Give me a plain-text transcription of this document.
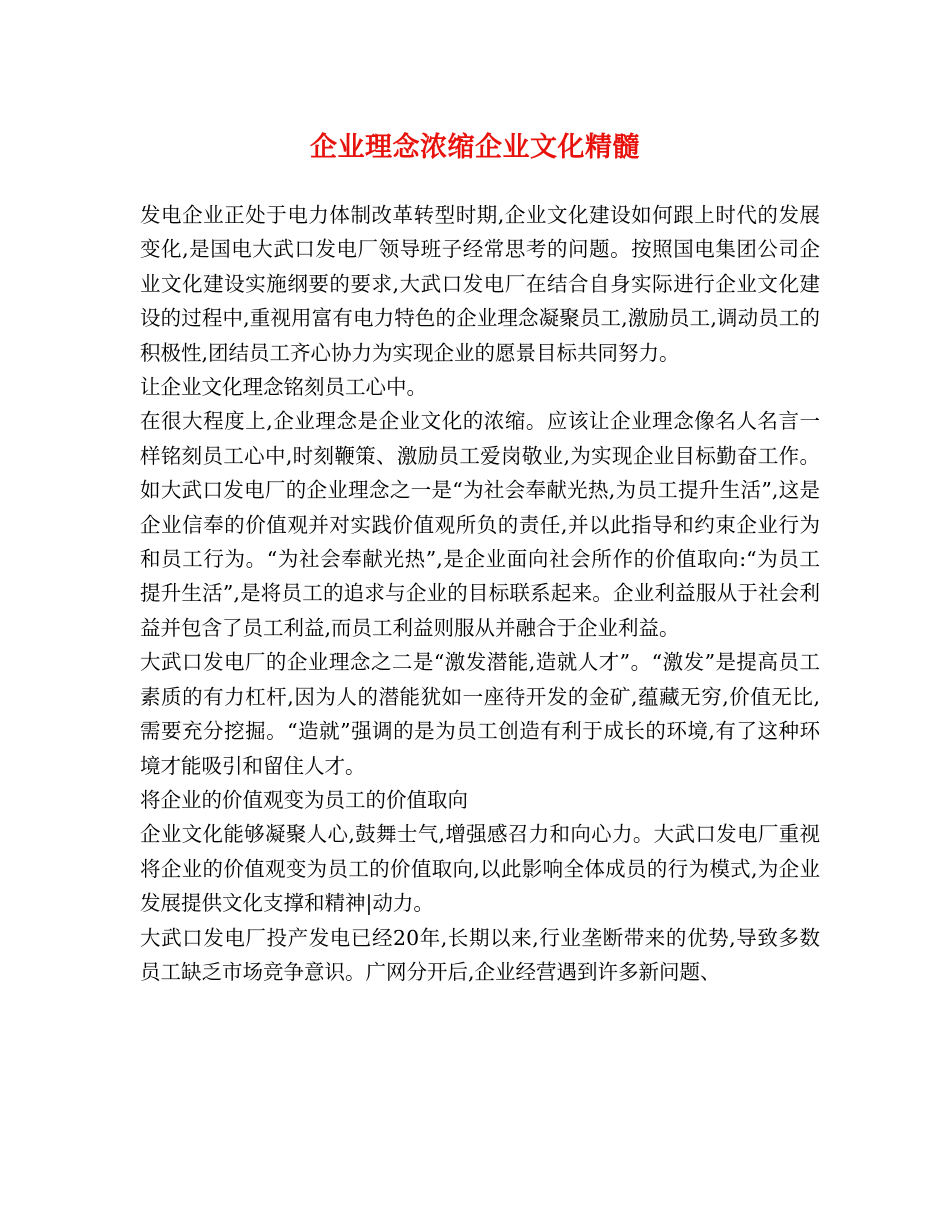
企业理念浓缩企业文化精髓

发电企业正处于电力体制改革转型时期,企业文化建设如何跟上时代的发展变化,是国电大武口发电厂领导班子经常思考的问题。按照国电集团公司企业文化建设实施纲要的要求,大武口发电厂在结合自身实际进行企业文化建设的过程中,重视用富有电力特色的企业理念凝聚员工,激励员工,调动员工的积极性,团结员工齐心协力为实现企业的愿景目标共同努力。

让企业文化理念铭刻员工心中。

在很大程度上,企业理念是企业文化的浓缩。应该让企业理念像名人名言一样铭刻员工心中,时刻鞭策、激励员工爱岗敬业,为实现企业目标勤奋工作。如大武口发电厂的企业理念之一是“为社会奉献光热,为员工提升生活”,这是企业信奉的价值观并对实践价值观所负的责任,并以此指导和约束企业行为和员工行为。“为社会奉献光热”,是企业面向社会所作的价值取向:“为员工提升生活”,是将员工的追求与企业的目标联系起来。企业利益服从于社会利益并包含了员工利益,而员工利益则服从并融合于企业利益。

大武口发电厂的企业理念之二是“激发潜能,造就人才”。“激发”是提高员工素质的有力杠杆,因为人的潜能犹如一座待开发的金矿,蕴藏无穷,价值无比,需要充分挖掘。“造就”强调的是为员工创造有利于成长的环境,有了这种环境才能吸引和留住人才。

将企业的价值观变为员工的价值取向

企业文化能够凝聚人心,鼓舞士气,增强感召力和向心力。大武口发电厂重视将企业的价值观变为员工的价值取向,以此影响全体成员的行为模式,为企业发展提供文化支撑和精神|动力。

大武口发电厂投产发电已经20年,长期以来,行业垄断带来的优势,导致多数员工缺乏市场竞争意识。广网分开后,企业经营遇到许多新问题、
